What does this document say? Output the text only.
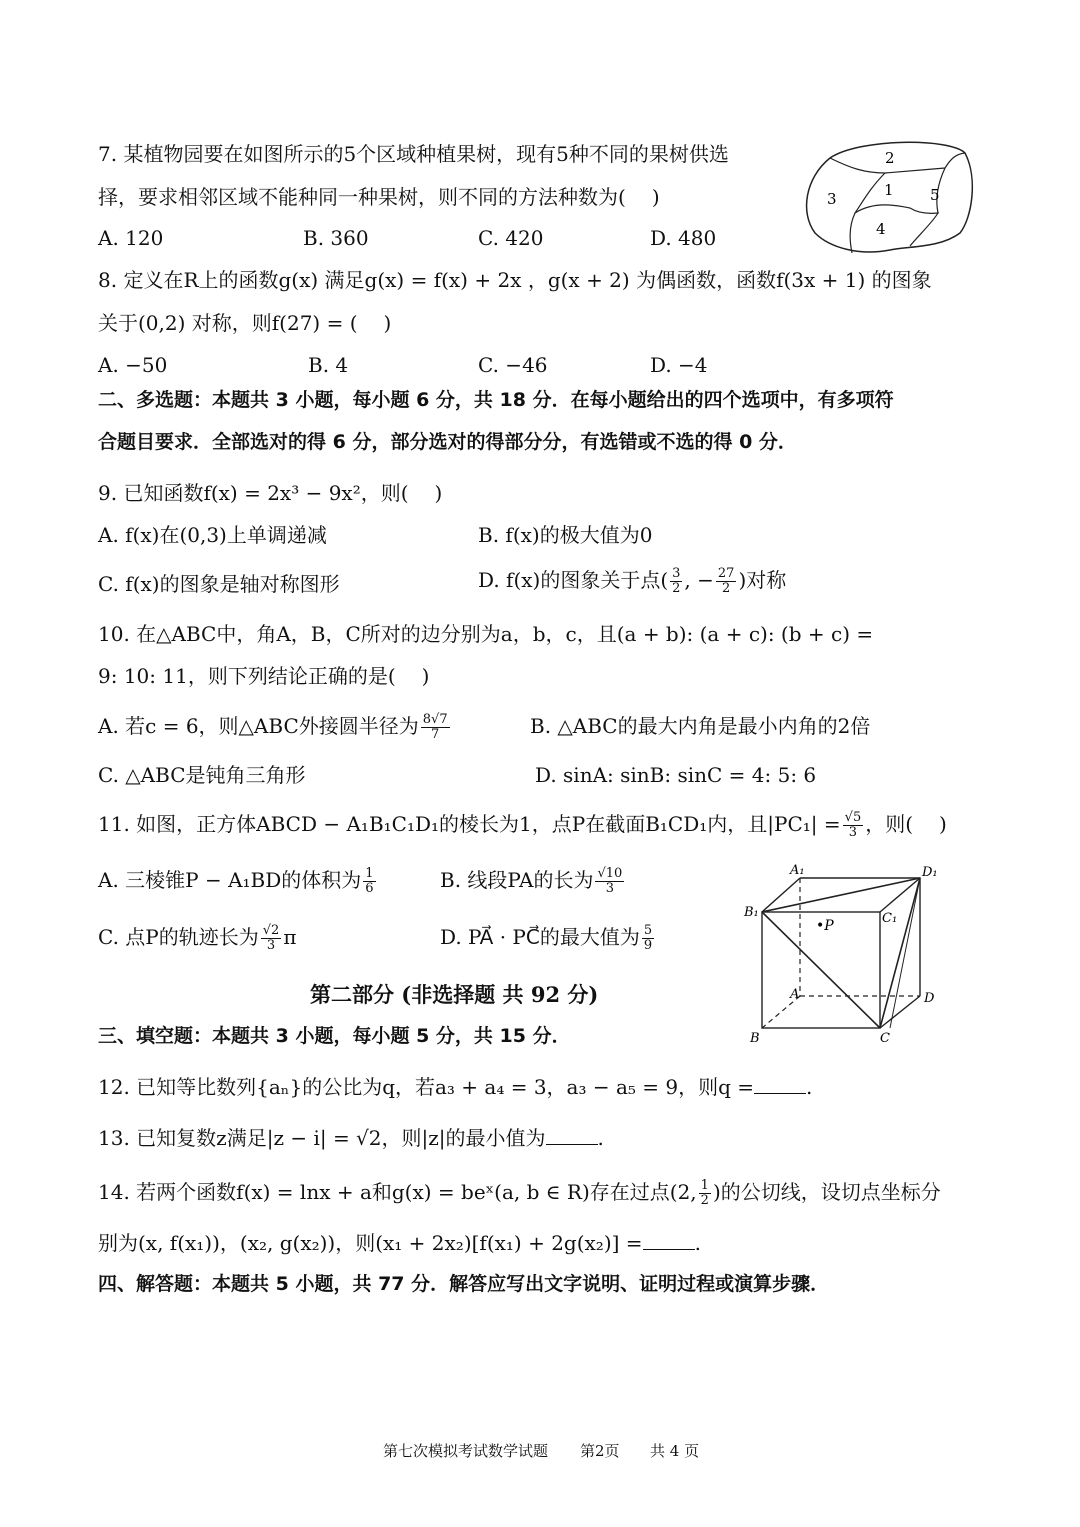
7. 某植物园要在如图所示的5个区域种植果树，现有5种不同的果树供选
择，要求相邻区域不能种同一种果树，则不同的方法种数为( )
A. 120	B. 360	C. 420	D. 480
1
2
3
4
5
8. 定义在R上的函数g(x) 满足g(x) = f(x) + 2x ，g(x + 2) 为偶函数，函数f(3x + 1) 的图象
关于(0,2) 对称，则f(27) = ( )
A. −50	B. 4	C. −46	D. −4
二、多选题：本题共 3 小题，每小题 6 分，共 18 分．在每小题给出的四个选项中，有多项符
合题目要求．全部选对的得 6 分，部分选对的得部分分，有选错或不选的得 0 分．
9. 已知函数f(x) = 2x³ − 9x²，则( )
A. f(x)在(0,3)上单调递减	B. f(x)的极大值为0
C. f(x)的图象是轴对称图形	D. f(x)的图象关于点( $\frac{3}{2}$ , − $\frac{27}{2}$ )对称
10. 在△ABC中，角A，B，C所对的边分别为a，b，c，且(a + b): (a + c): (b + c) =
9: 10: 11，则下列结论正确的是( )
A. 若c = 6，则△ABC外接圆半径为 $\frac{8√7}{7}$	B. △ABC的最大内角是最小内角的2倍
C. △ABC是钝角三角形	D. sinA: sinB: sinC = 4: 5: 6
11. 如图，正方体ABCD − A₁B₁C₁D₁的棱长为1，点P在截面B₁CD₁内，且$|PC_1| = \frac{√5}{3}$ ，则( )
A. 三棱锥P − A₁BD的体积为 $\frac{1}{6}$	B. 线段PA的长为 $\frac{√10}{3}$
C. 点P的轨迹长为 $\frac{√2}{3}$ π	D. PA⃗ · PC⃗的最大值为 $\frac{5}{9}$
A₁	D₁
B₁	C₁
•P
A	D
B	C
第二部分 (非选择题 共 92 分)
三、填空题：本题共 3 小题，每小题 5 分，共 15 分．
12. 已知等比数列{aₙ}的公比为q，若a₃ + a₄ = 3，a₃ − a₅ = 9，则q =	.
13. 已知复数z满足|z − i| = √2，则|z|的最小值为	.
14. 若两个函数f(x) = lnx + a和g(x) = beˣ(a, b ∈ R)存在过点(2, $\frac{1}{2}$ )的公切线，设切点坐标分
别为(x, f(x₁))，(x₂, g(x₂))，则(x₁ + 2x₂)[f(x₁) + 2g(x₂)] =	.
四、解答题：本题共 5 小题，共 77 分．解答应写出文字说明、证明过程或演算步骤．
第七次模拟考试数学试题 第2页 共 4 页
